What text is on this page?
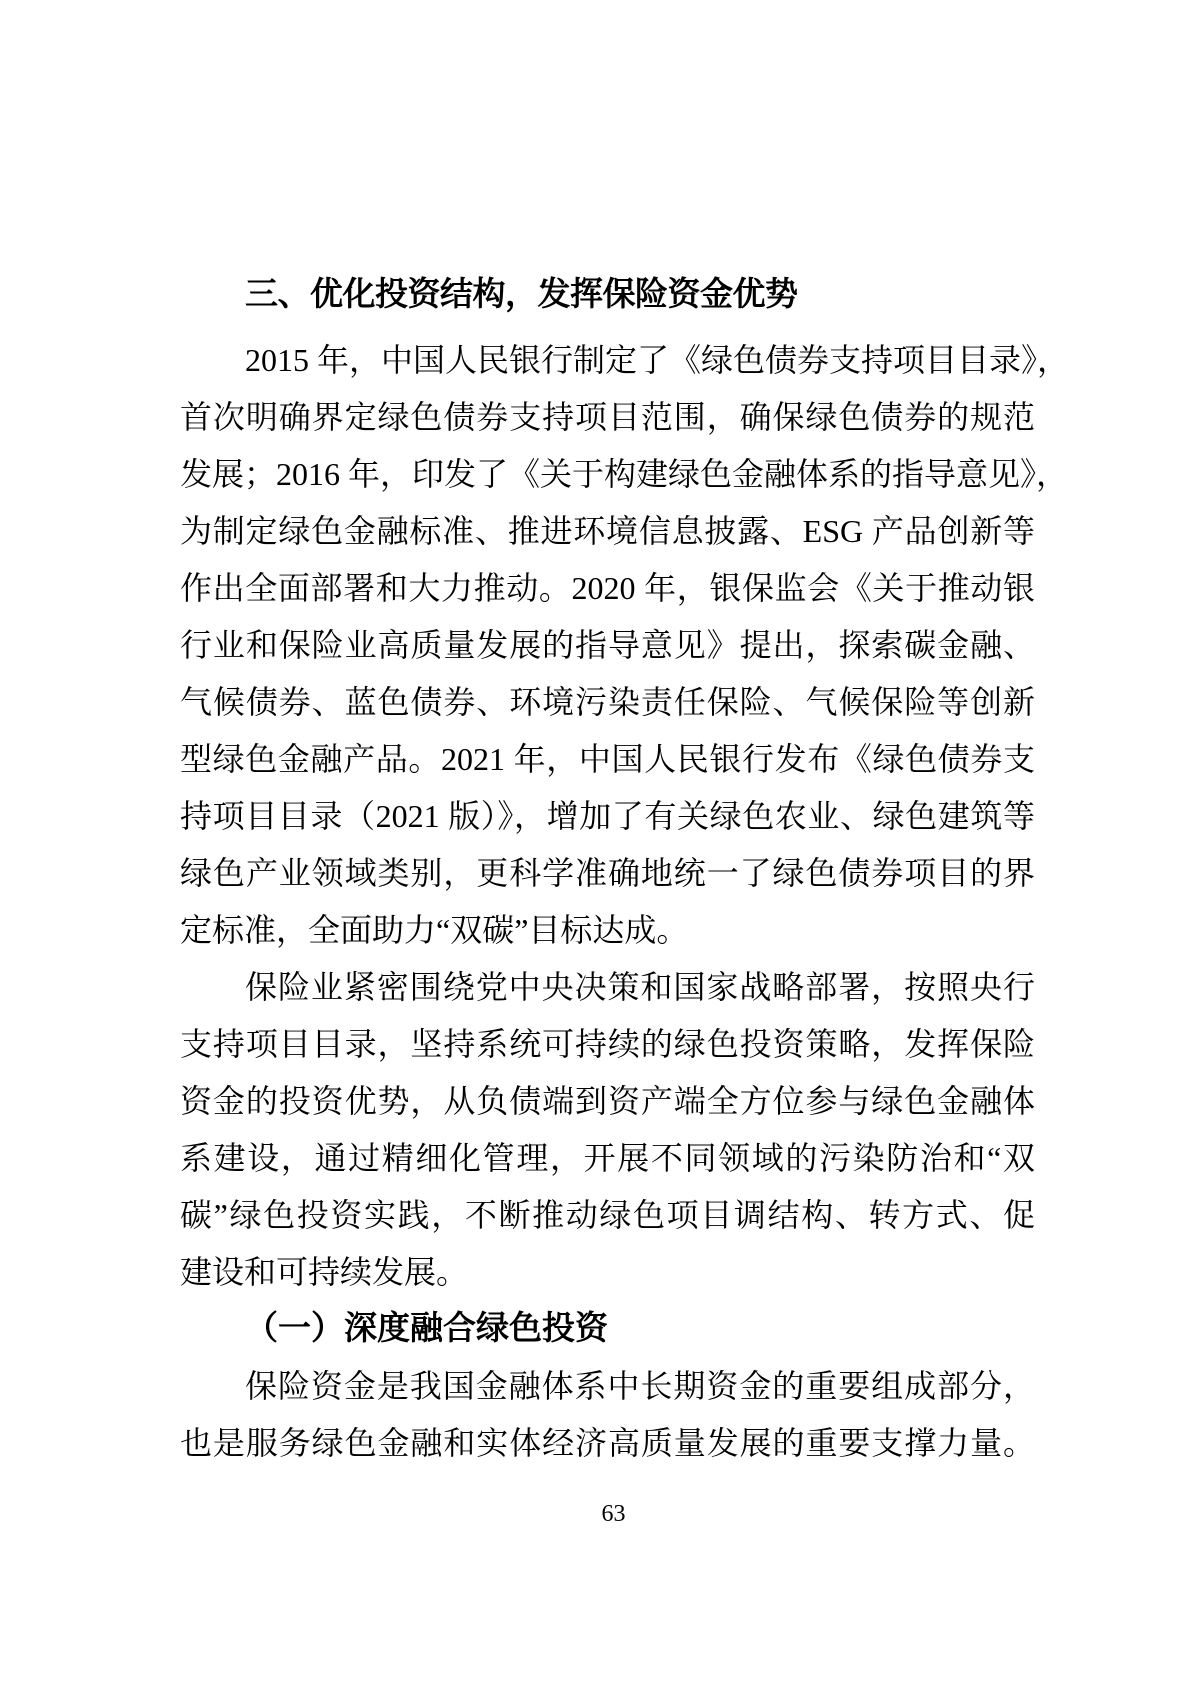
三、优化投资结构，发挥保险资金优势
2015 年，中国人民银行制定了《绿色债券支持项目目录》，
首次明确界定绿色债券支持项目范围，确保绿色债券的规范
发展；2016 年，印发了《关于构建绿色金融体系的指导意见》，
为制定绿色金融标准、推进环境信息披露、ESG 产品创新等
作出全面部署和大力推动。2020 年，银保监会《关于推动银
行业和保险业高质量发展的指导意见》提出，探索碳金融、
气候债券、蓝色债券、环境污染责任保险、气候保险等创新
型绿色金融产品。2021 年，中国人民银行发布《绿色债券支
持项目目录（2021 版）》，增加了有关绿色农业、绿色建筑等
绿色产业领域类别，更科学准确地统一了绿色债券项目的界
定标准，全面助力“双碳”目标达成。
保险业紧密围绕党中央决策和国家战略部署，按照央行
支持项目目录，坚持系统可持续的绿色投资策略，发挥保险
资金的投资优势，从负债端到资产端全方位参与绿色金融体
系建设，通过精细化管理，开展不同领域的污染防治和“双
碳”绿色投资实践，不断推动绿色项目调结构、转方式、促
建设和可持续发展。
（一）深度融合绿色投资
保险资金是我国金融体系中长期资金的重要组成部分，
也是服务绿色金融和实体经济高质量发展的重要支撑力量。
63
